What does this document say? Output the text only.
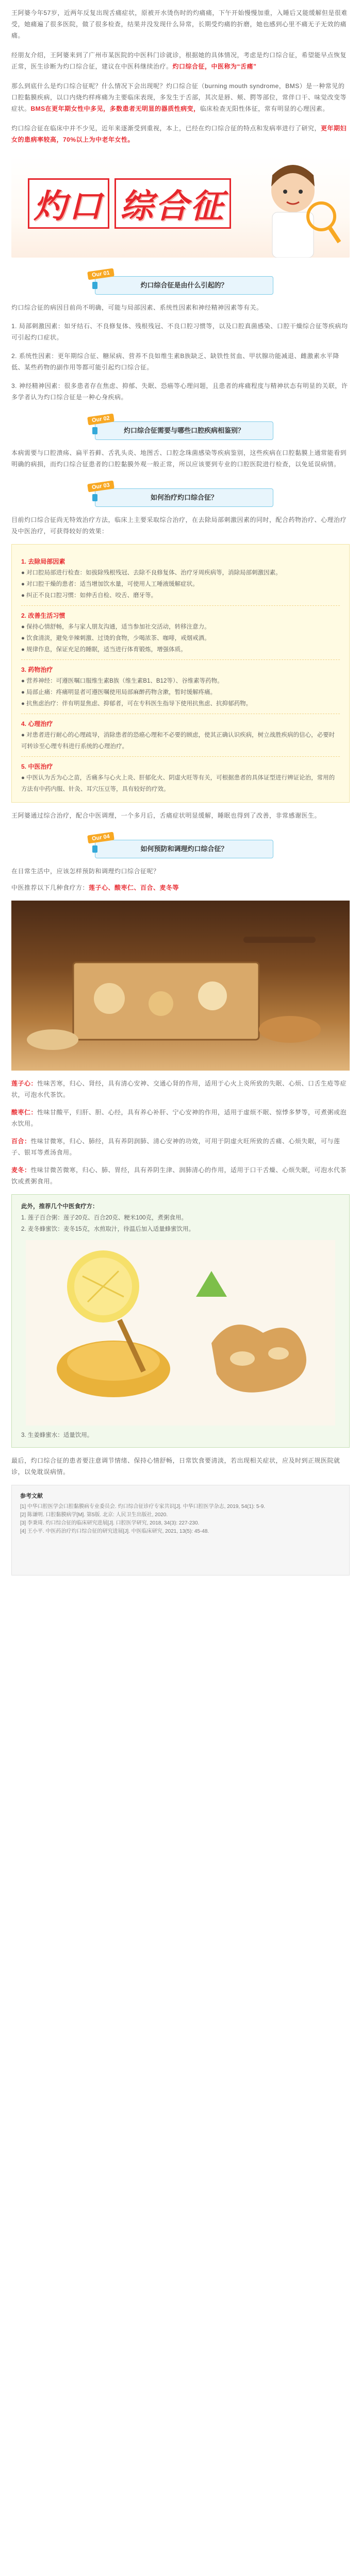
王阿婆今年57岁，近两年反复出现舌痛症状，原被开水烫伤时的灼痛痛，下午开始慢慢加重，入睡后又能缓解但是很难受，她痛遍了很多医院，做了很多检查，结果并没发现什么异常，长期受灼痛的折磨，她也感到心里不痛无子无效的痛痛。

经朋友介绍，王阿婆来到了广州市某医院的中医科门诊就诊，根据她的具体情况，考虑是灼口综合征，希望能早点恢复正常，医生诊断为灼口综合征，建议在中医科继续治疗。灼口综合征，中医称为“舌痛”

那么到底什么是灼口综合征呢？什么情况下会出现呢？灼口综合征（burning mouth syndrome，BMS）是一种常见的口腔黏膜疾病，以口内烧灼样疼痛为主要临床表现，多发生于舌部，其次是唇、颊、腭等部位，常伴口干、味觉改变等症状。BMS在更年期女性中多见，多数患者无明显的器质性病变，临床检查无阳性体征，常有明显的心理因素。

灼口综合征在临床中并不少见，近年来逐渐受到重视，本上，已经在灼口综合征的特点和发病率进行了研究，更年期妇女的患病率较高，70%以上为中老年女性。

灼口 综合征
Our 01
灼口综合征是由什么引起的？

灼口综合征的病因目前尚不明确，可能与局部因素、系统性因素和神经精神因素等有关。

1. 局部刺激因素：如牙结石、不良修复体、残根残冠、不良口腔习惯等，以及口腔真菌感染、口腔干燥综合征等疾病均可引起灼口症状。

2. 系统性因素：更年期综合征、糖尿病、营养不良如维生素B族缺乏、缺铁性贫血、甲状腺功能减退、雌激素水平降低、某些药物的副作用等都可能引起灼口综合征。

3. 神经精神因素：很多患者存在焦虑、抑郁、失眠、恐癌等心理问题，且患者的疼痛程度与精神状态有明显的关联，许多学者认为灼口综合征是一种心身疾病。

Our 02
灼口综合征需要与哪些口腔疾病相鉴别？

本病需要与口腔溃疡、扁平苔藓、舌乳头炎、地图舌、口腔念珠菌感染等疾病鉴别，这些疾病在口腔黏膜上通常能看到明确的病损，而灼口综合征患者的口腔黏膜外观一般正常，所以应该要到专业的口腔医院进行检查，以免延误病情。

Our 03
如何治疗灼口综合征？

目前灼口综合征尚无特效治疗方法，临床上主要采取综合治疗，在去除局部刺激因素的同时，配合药物治疗、心理治疗及中医治疗，可获得较好的效果：

1. 去除局部因素
● 对口腔局部进行检查：如拔除残根残冠、去除不良修复体、治疗牙周疾病等，消除局部刺激因素。
● 对口腔干燥的患者：适当增加饮水量，可使用人工唾液缓解症状。
● 纠正不良口腔习惯：如伸舌自检、咬舌、磨牙等。
2. 改善生活习惯
● 保持心情舒畅，多与家人朋友沟通，适当参加社交活动，转移注意力。
● 饮食清淡，避免辛辣刺激、过烫的食物，少喝浓茶、咖啡，戒烟戒酒。
● 规律作息，保证充足的睡眠，适当进行体育锻炼，增强体质。
3. 药物治疗
● 营养神经：可遵医嘱口服维生素B族（维生素B1、B12等）、谷维素等药物。
● 局部止痛：疼痛明显者可遵医嘱使用局部麻醉药物含漱，暂时缓解疼痛。
● 抗焦虑治疗：伴有明显焦虑、抑郁者，可在专科医生指导下使用抗焦虑、抗抑郁药物。
4. 心理治疗
● 对患者进行耐心的心理疏导，消除患者的恐癌心理和不必要的顾虑，使其正确认识疾病，树立战胜疾病的信心，必要时可转诊至心理专科进行系统的心理治疗。
5. 中医治疗
● 中医认为舌为心之苗，舌痛多与心火上炎、肝郁化火、阴虚火旺等有关，可根据患者的具体证型进行辨证论治，常用的方法有中药内服、针灸、耳穴压豆等，具有较好的疗效。

王阿婆通过综合治疗，配合中医调理，一个多月后，舌痛症状明显缓解，睡眠也得到了改善，非常感谢医生。

Our 04
如何预防和调理灼口综合征？

在日常生活中，应该怎样预防和调理灼口综合征呢？

中医推荐以下几种食疗方：莲子心、酸枣仁、百合、麦冬等

莲子心：性味苦寒，归心、肾经，具有清心安神、交通心肾的作用，适用于心火上炎所致的失眠、心烦、口舌生疮等症状，可泡水代茶饮。

酸枣仁：性味甘酸平，归肝、胆、心经，具有养心补肝、宁心安神的作用，适用于虚烦不眠、惊悸多梦等，可煮粥或泡水饮用。

百合：性味甘微寒，归心、肺经，具有养阴润肺、清心安神的功效，可用于阴虚火旺所致的舌痛、心烦失眠，可与莲子、银耳等煮汤食用。

麦冬：性味甘微苦微寒，归心、肺、胃经，具有养阴生津、润肺清心的作用，适用于口干舌燥、心烦失眠，可泡水代茶饮或煮粥食用。

此外，推荐几个中医食疗方：
1. 莲子百合粥：莲子20克、百合20克、粳米100克，煮粥食用。
2. 麦冬蜂蜜饮：麦冬15克，水煎取汁，待温后加入适量蜂蜜饮用。
3. 生姜蜂蜜水：适量饮用。

最后，灼口综合征的患者要注意调节情绪、保持心情舒畅，日常饮食要清淡，若出现相关症状，应及时到正规医院就诊，以免耽误病情。

参考文献
[1] 中华口腔医学会口腔黏膜病专业委员会. 灼口综合征诊疗专家共识[J]. 中华口腔医学杂志, 2019, 54(1): 5-9.
[2] 陈谦明. 口腔黏膜病学[M]. 第5版. 北京: 人民卫生出版社, 2020.
[3] 李秉琦. 灼口综合征的临床研究进展[J]. 口腔医学研究, 2018, 34(3): 227-230.
[4] 王小平. 中医药治疗灼口综合征的研究进展[J]. 中医临床研究, 2021, 13(5): 45-48.
